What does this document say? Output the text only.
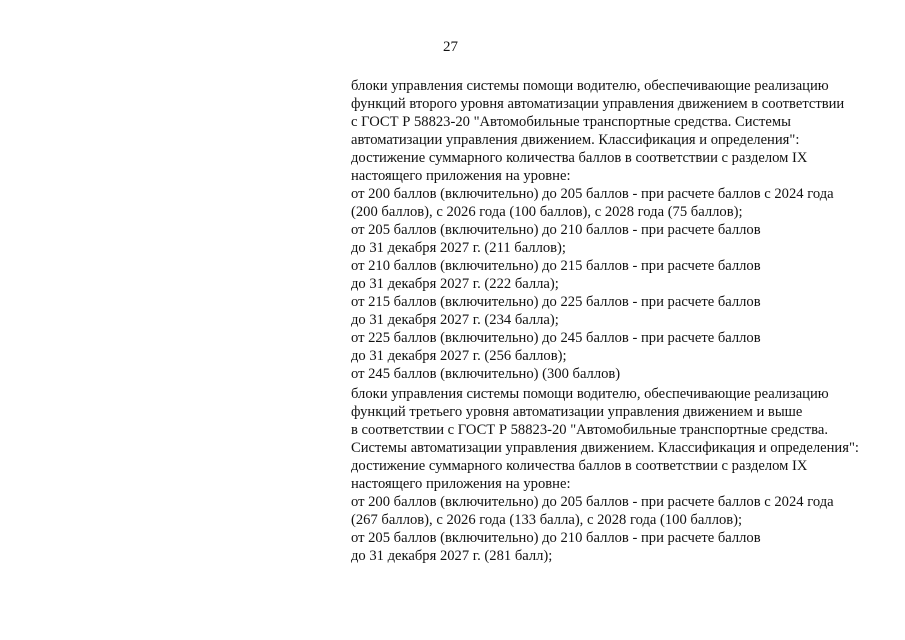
27

блоки управления системы помощи водителю, обеспечивающие реализацию
функций второго уровня автоматизации управления движением в соответствии
с ГОСТ Р 58823-20 "Автомобильные транспортные средства. Системы
автоматизации управления движением. Классификация и определения":
достижение суммарного количества баллов в соответствии с разделом IX
настоящего приложения на уровне:
от 200 баллов (включительно) до 205 баллов - при расчете баллов с 2024 года
(200 баллов), с 2026 года (100 баллов), с 2028 года (75 баллов);
от 205 баллов (включительно) до 210 баллов - при расчете баллов
до 31 декабря 2027 г. (211 баллов);
от 210 баллов (включительно) до 215 баллов - при расчете баллов
до 31 декабря 2027 г. (222 балла);
от 215 баллов (включительно) до 225 баллов - при расчете баллов
до 31 декабря 2027 г. (234 балла);
от 225 баллов (включительно) до 245 баллов - при расчете баллов
до 31 декабря 2027 г. (256 баллов);
от 245 баллов (включительно) (300 баллов)

блоки управления системы помощи водителю, обеспечивающие реализацию
функций третьего уровня автоматизации управления движением и выше
в соответствии с ГОСТ Р 58823-20 "Автомобильные транспортные средства.
Системы автоматизации управления движением. Классификация и определения":
достижение суммарного количества баллов в соответствии с разделом IX
настоящего приложения на уровне:
от 200 баллов (включительно) до 205 баллов - при расчете баллов с 2024 года
(267 баллов), с 2026 года (133 балла), с 2028 года (100 баллов);
от 205 баллов (включительно) до 210 баллов - при расчете баллов
до 31 декабря 2027 г. (281 балл);
